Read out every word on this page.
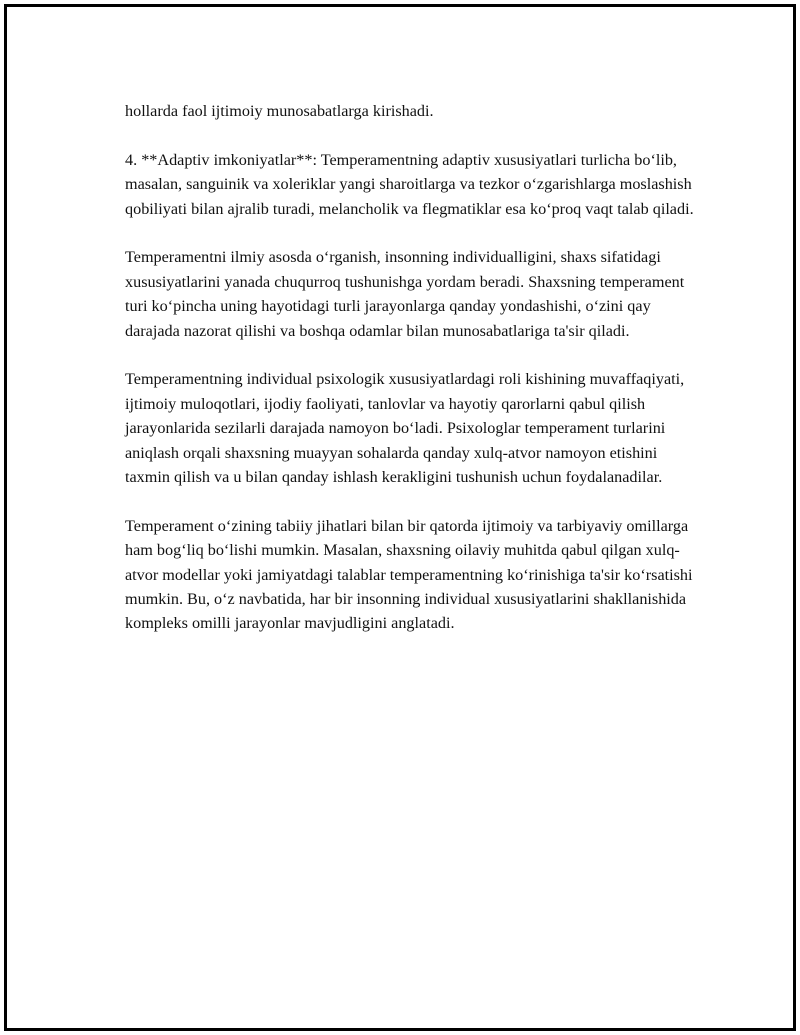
hollarda faol ijtimoiy munosabatlarga kirishadi.

4. **Adaptiv imkoniyatlar**: Temperamentning adaptiv xususiyatlari turlicha bo‘lib, masalan, sanguinik va xoleriklar yangi sharoitlarga va tezkor o‘zgarishlarga moslashish qobiliyati bilan ajralib turadi, melancholik va flegmatiklar esa ko‘proq vaqt talab qiladi.

Temperamentni ilmiy asosda o‘rganish, insonning individualligini, shaxs sifatidagi xususiyatlarini yanada chuqurroq tushunishga yordam beradi. Shaxsning temperament turi ko‘pincha uning hayotidagi turli jarayonlarga qanday yondashishi, o‘zini qay darajada nazorat qilishi va boshqa odamlar bilan munosabatlariga ta'sir qiladi.

Temperamentning individual psixologik xususiyatlardagi roli kishining muvaffaqiyati, ijtimoiy muloqotlari, ijodiy faoliyati, tanlovlar va hayotiy qarorlarni qabul qilish jarayonlarida sezilarli darajada namoyon bo‘ladi. Psixologlar temperament turlarini aniqlash orqali shaxsning muayyan sohalarda qanday xulq-atvor namoyon etishini taxmin qilish va u bilan qanday ishlash kerakligini tushunish uchun foydalanadilar.

Temperament o‘zining tabiiy jihatlari bilan bir qatorda ijtimoiy va tarbiyaviy omillarga ham bog‘liq bo‘lishi mumkin. Masalan, shaxsning oilaviy muhitda qabul qilgan xulq-atvor modellar yoki jamiyatdagi talablar temperamentning ko‘rinishiga ta'sir ko‘rsatishi mumkin. Bu, o‘z navbatida, har bir insonning individual xususiyatlarini shakllanishida kompleks omilli jarayonlar mavjudligini anglatadi.
